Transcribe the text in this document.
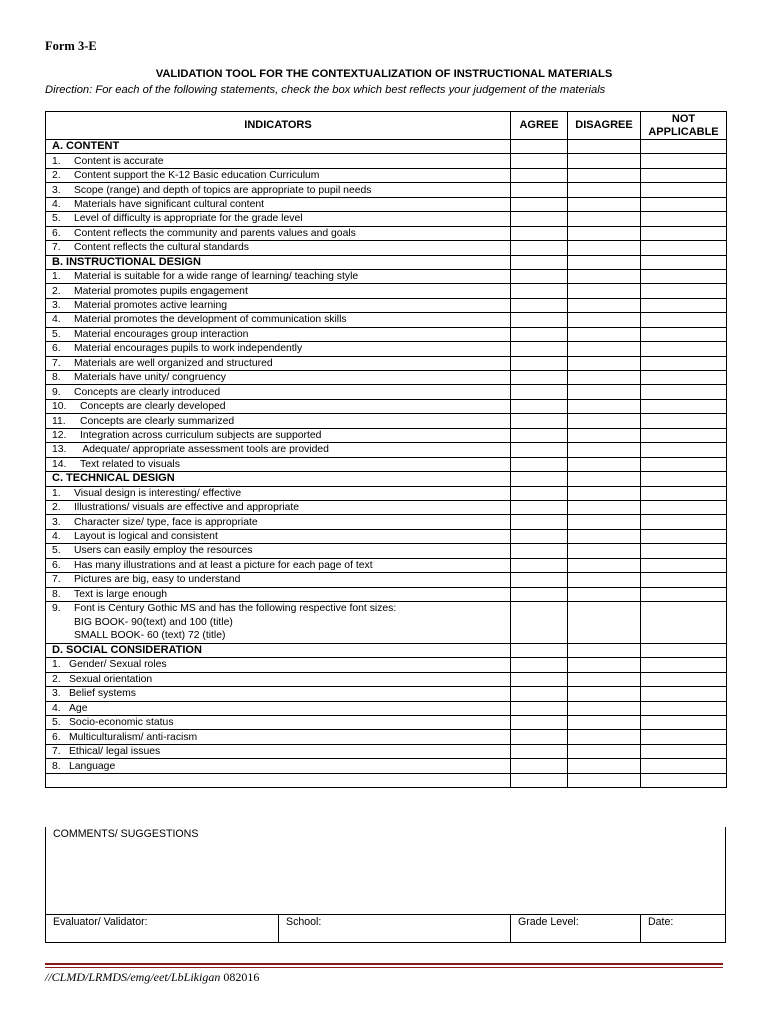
Form 3-E
VALIDATION TOOL FOR THE CONTEXTUALIZATION OF INSTRUCTIONAL MATERIALS
Direction: For each of the following statements, check the box which best reflects your judgement of the materials
INDICATORS	AGREE	DISAGREE	NOT
APPLICABLE
A. CONTENT			
1. Content is accurate			
2. Content support the K-12 Basic education Curriculum			
3. Scope (range) and depth of topics are appropriate to pupil needs			
4. Materials have significant cultural content			
5. Level of difficulty is appropriate for the grade level			
6. Content reflects the community and parents values and goals			
7. Content reflects the cultural standards			
B. INSTRUCTIONAL DESIGN			
1. Material is suitable for a wide range of learning/ teaching style			
2. Material promotes pupils engagement			
3. Material promotes active learning			
4. Material promotes the development of communication skills			
5. Material encourages group interaction			
6. Material encourages pupils to work independently			
7. Materials are well organized and structured			
8. Materials have unity/ congruency			
9. Concepts are clearly introduced			
10. Concepts are clearly developed			
11. Concepts are clearly summarized			
12. Integration across curriculum subjects are supported			
13. Adequate/ appropriate assessment tools are provided			
14. Text related to visuals			
C. TECHNICAL DESIGN			
1. Visual design is interesting/ effective			
2. Illustrations/ visuals are effective and appropriate			
3. Character size/ type, face is appropriate			
4. Layout is logical and consistent			
5. Users can easily employ the resources			
6. Has many illustrations and at least a picture for each page of text			
7. Pictures are big, easy to understand			
8. Text is large enough			
9. Font is Century Gothic MS and has the following respective font sizes:
BIG BOOK- 90(text) and 100 (title)
SMALL BOOK- 60 (text) 72 (title)			

D. SOCIAL CONSIDERATION			
1. Gender/ Sexual roles			
2. Sexual orientation			
3. Belief systems			
4. Age			
5. Socio-economic status			
6. Multiculturalism/ anti-racism			
7. Ethical/ legal issues			
8. Language			

COMMENTS/ SUGGESTIONS
Evaluator/ Validator:	School:	Grade Level:	Date:
//CLMD/LRMDS/emg/eet/LbLikigan 082016
